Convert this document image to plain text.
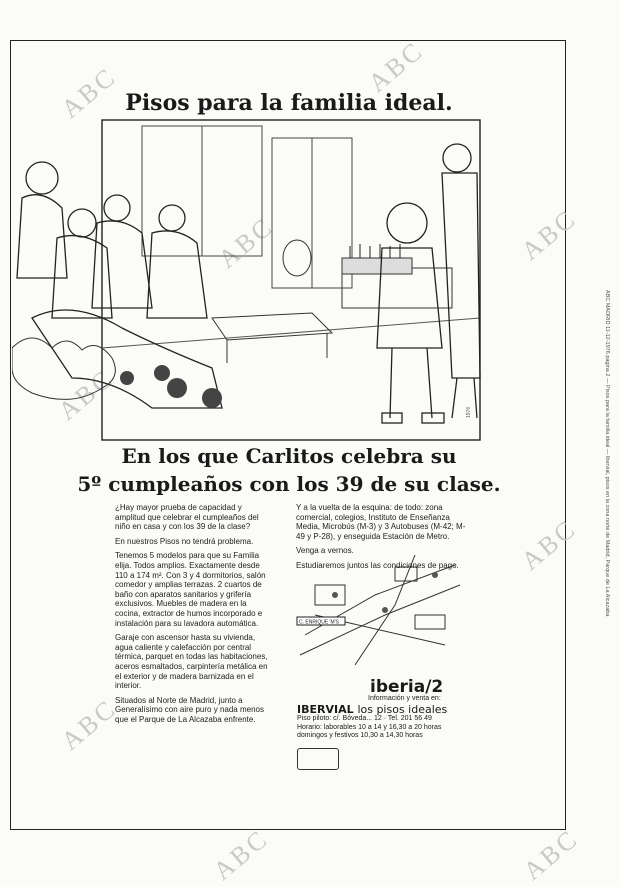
ABC	ABC
ABC	ABC
ABC
ABC
ABC
ABC	ABC
Pisos para la familia ideal.
1976
En los que Carlitos celebra su
5º cumpleaños con los 39 de su clase.

¿Hay mayor prueba de capacidad y amplitud que celebrar el cumpleaños del niño en casa y con los 39 de la clase?

En nuestros Pisos no tendrá problema.

Tenemos 5 modelos para que su Familia elija. Todos amplios. Exactamente desde 110 a 174 m². Con 3 y 4 dormitorios, salón comedor y amplias terrazas. 2 cuartos de baño con aparatos sanitarios y grifería exclusivos. Muebles de madera en la cocina, extractor de humos incorporado e instalación para su lavadora automática.

Garaje con ascensor hasta su vivienda, agua caliente y calefacción por central térmica, parquet en todas las habitaciones, aceros esmaltados, carpintería metálica en el exterior y de madera barnizada en el interior.

Situados al Norte de Madrid, junto a Generalísimo con aire puro y nada menos que el Parque de La Alcazaba enfrente.

Y a la vuelta de la esquina: de todo: zona comercial, colegios, Instituto de Enseñanza Media, Microbús (M-3) y 3 Autobuses (M-42; M-49 y P-28), y enseguida Estación de Metro.

Venga a vernos.

Estudiaremos juntos las condiciones de pago.

C. ENRIQUE 'M'S
iberia/2
Información y venta en:
IBERVIAL los pisos ideales
Piso piloto: c/. Bóveda... 12 · Tel. 201 56 49
Horario: laborables 10 a 14 y 16,30 a 20 horas
domingos y festivos 10,30 a 14,30 horas
ABC MADRID 11-12-1976 página 2 — Pisos para la familia ideal — Ibervial, pisos en la zona norte de Madrid, Parque de La Alcazaba
